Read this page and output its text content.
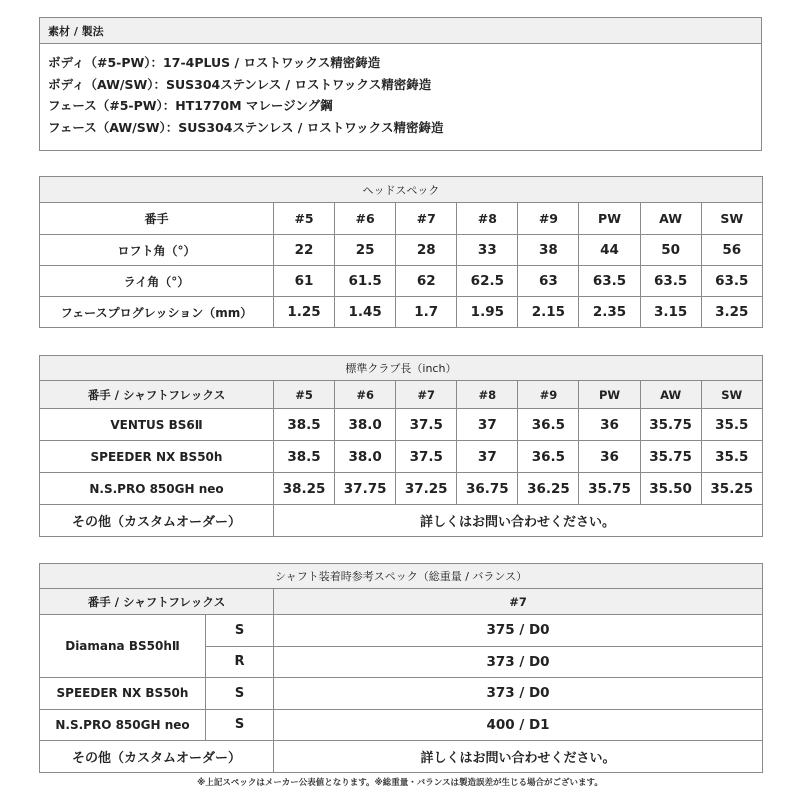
素材 / 製法

ボディ（#5-PW）：17-4PLUS / ロストワックス精密鋳造
ボディ（AW/SW）：SUS304ステンレス / ロストワックス精密鋳造
フェース（#5-PW）：HT1770M マレージング鋼
フェース（AW/SW）：SUS304ステンレス / ロストワックス精密鋳造
ヘッドスペック								
番手	#5	#6	#7	#8	#9	PW	AW	SW
ロフト角（°）	22	25	28	33	38	44	50	56
ライ角（°）	61	61.5	62	62.5	63	63.5	63.5	63.5
フェースプログレッション（mm）	1.25	1.45	1.7	1.95	2.15	2.35	3.15	3.25
標準クラブ長（inch）								
番手 / シャフトフレックス	#5	#6	#7	#8	#9	PW	AW	SW
VENTUS BS6Ⅱ	38.5	38.0	37.5	37	36.5	36	35.75	35.5
SPEEDER NX BS50h	38.5	38.0	37.5	37	36.5	36	35.75	35.5
N.S.PRO 850GH neo	38.25	37.75	37.25	36.75	36.25	35.75	35.50	35.25
その他（カスタムオーダー）	詳しくはお問い合わせください。							
シャフト装着時参考スペック（総重量 / バランス）		
番手 / シャフトフレックス		#7
Diamana BS50hⅡ	S	375 / D0
	R	373 / D0
SPEEDER NX BS50h	S	373 / D0
N.S.PRO 850GH neo	S	400 / D1
その他（カスタムオーダー）		詳しくはお問い合わせください。
※上記スペックはメーカー公表値となります。※総重量・バランスは製造誤差が生じる場合がございます。
